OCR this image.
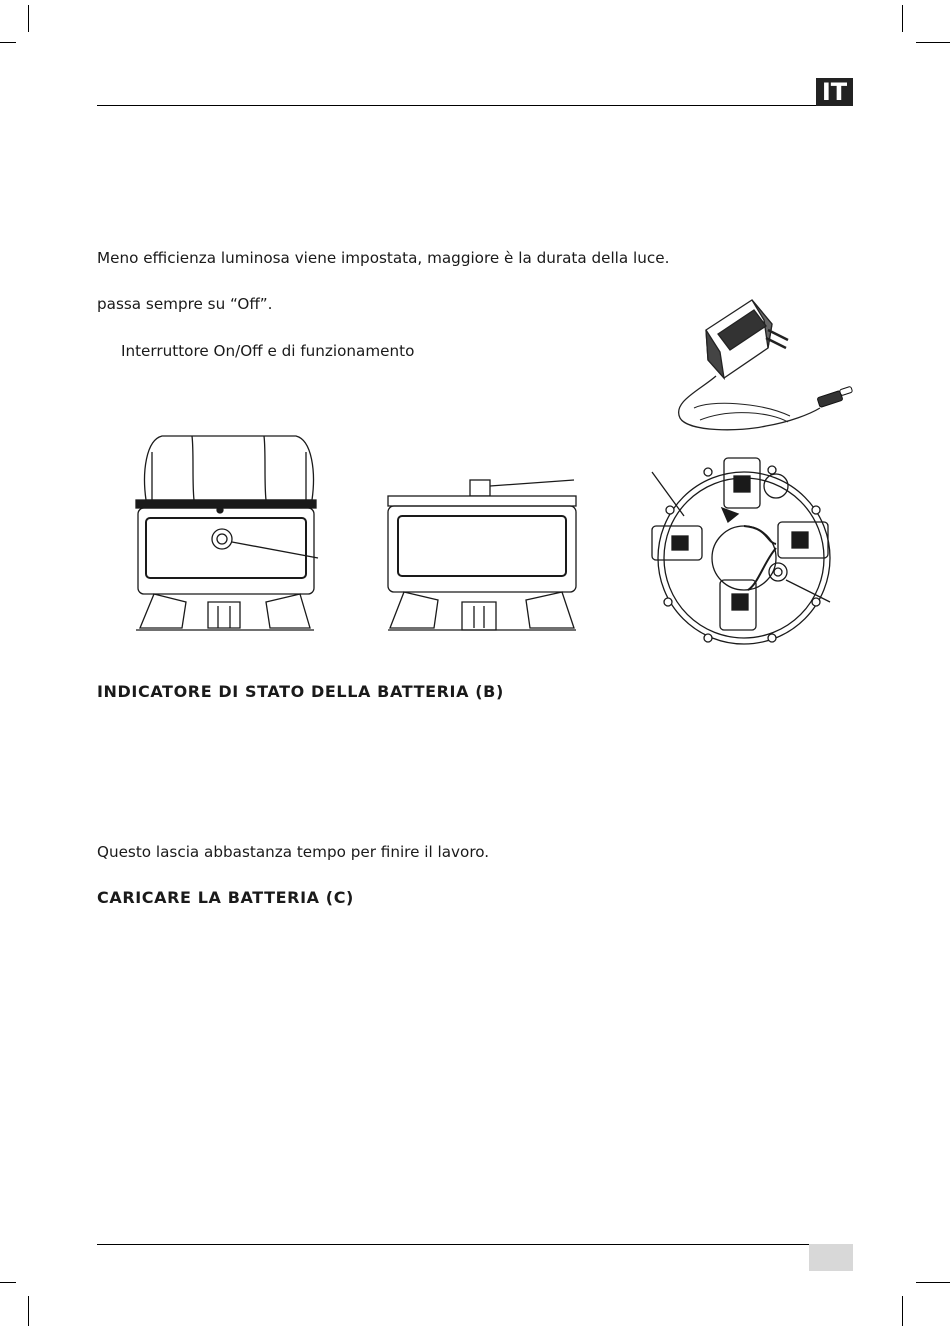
IT
Meno efficienza luminosa viene impostata, maggiore è la durata della luce.
passa sempre su “Off”.
Interruttore On/Off e di funzionamento
INDICATORE DI STATO DELLA BATTERIA (B)
Questo lascia abbastanza tempo per finire il lavoro.
CARICARE LA BATTERIA (C)
